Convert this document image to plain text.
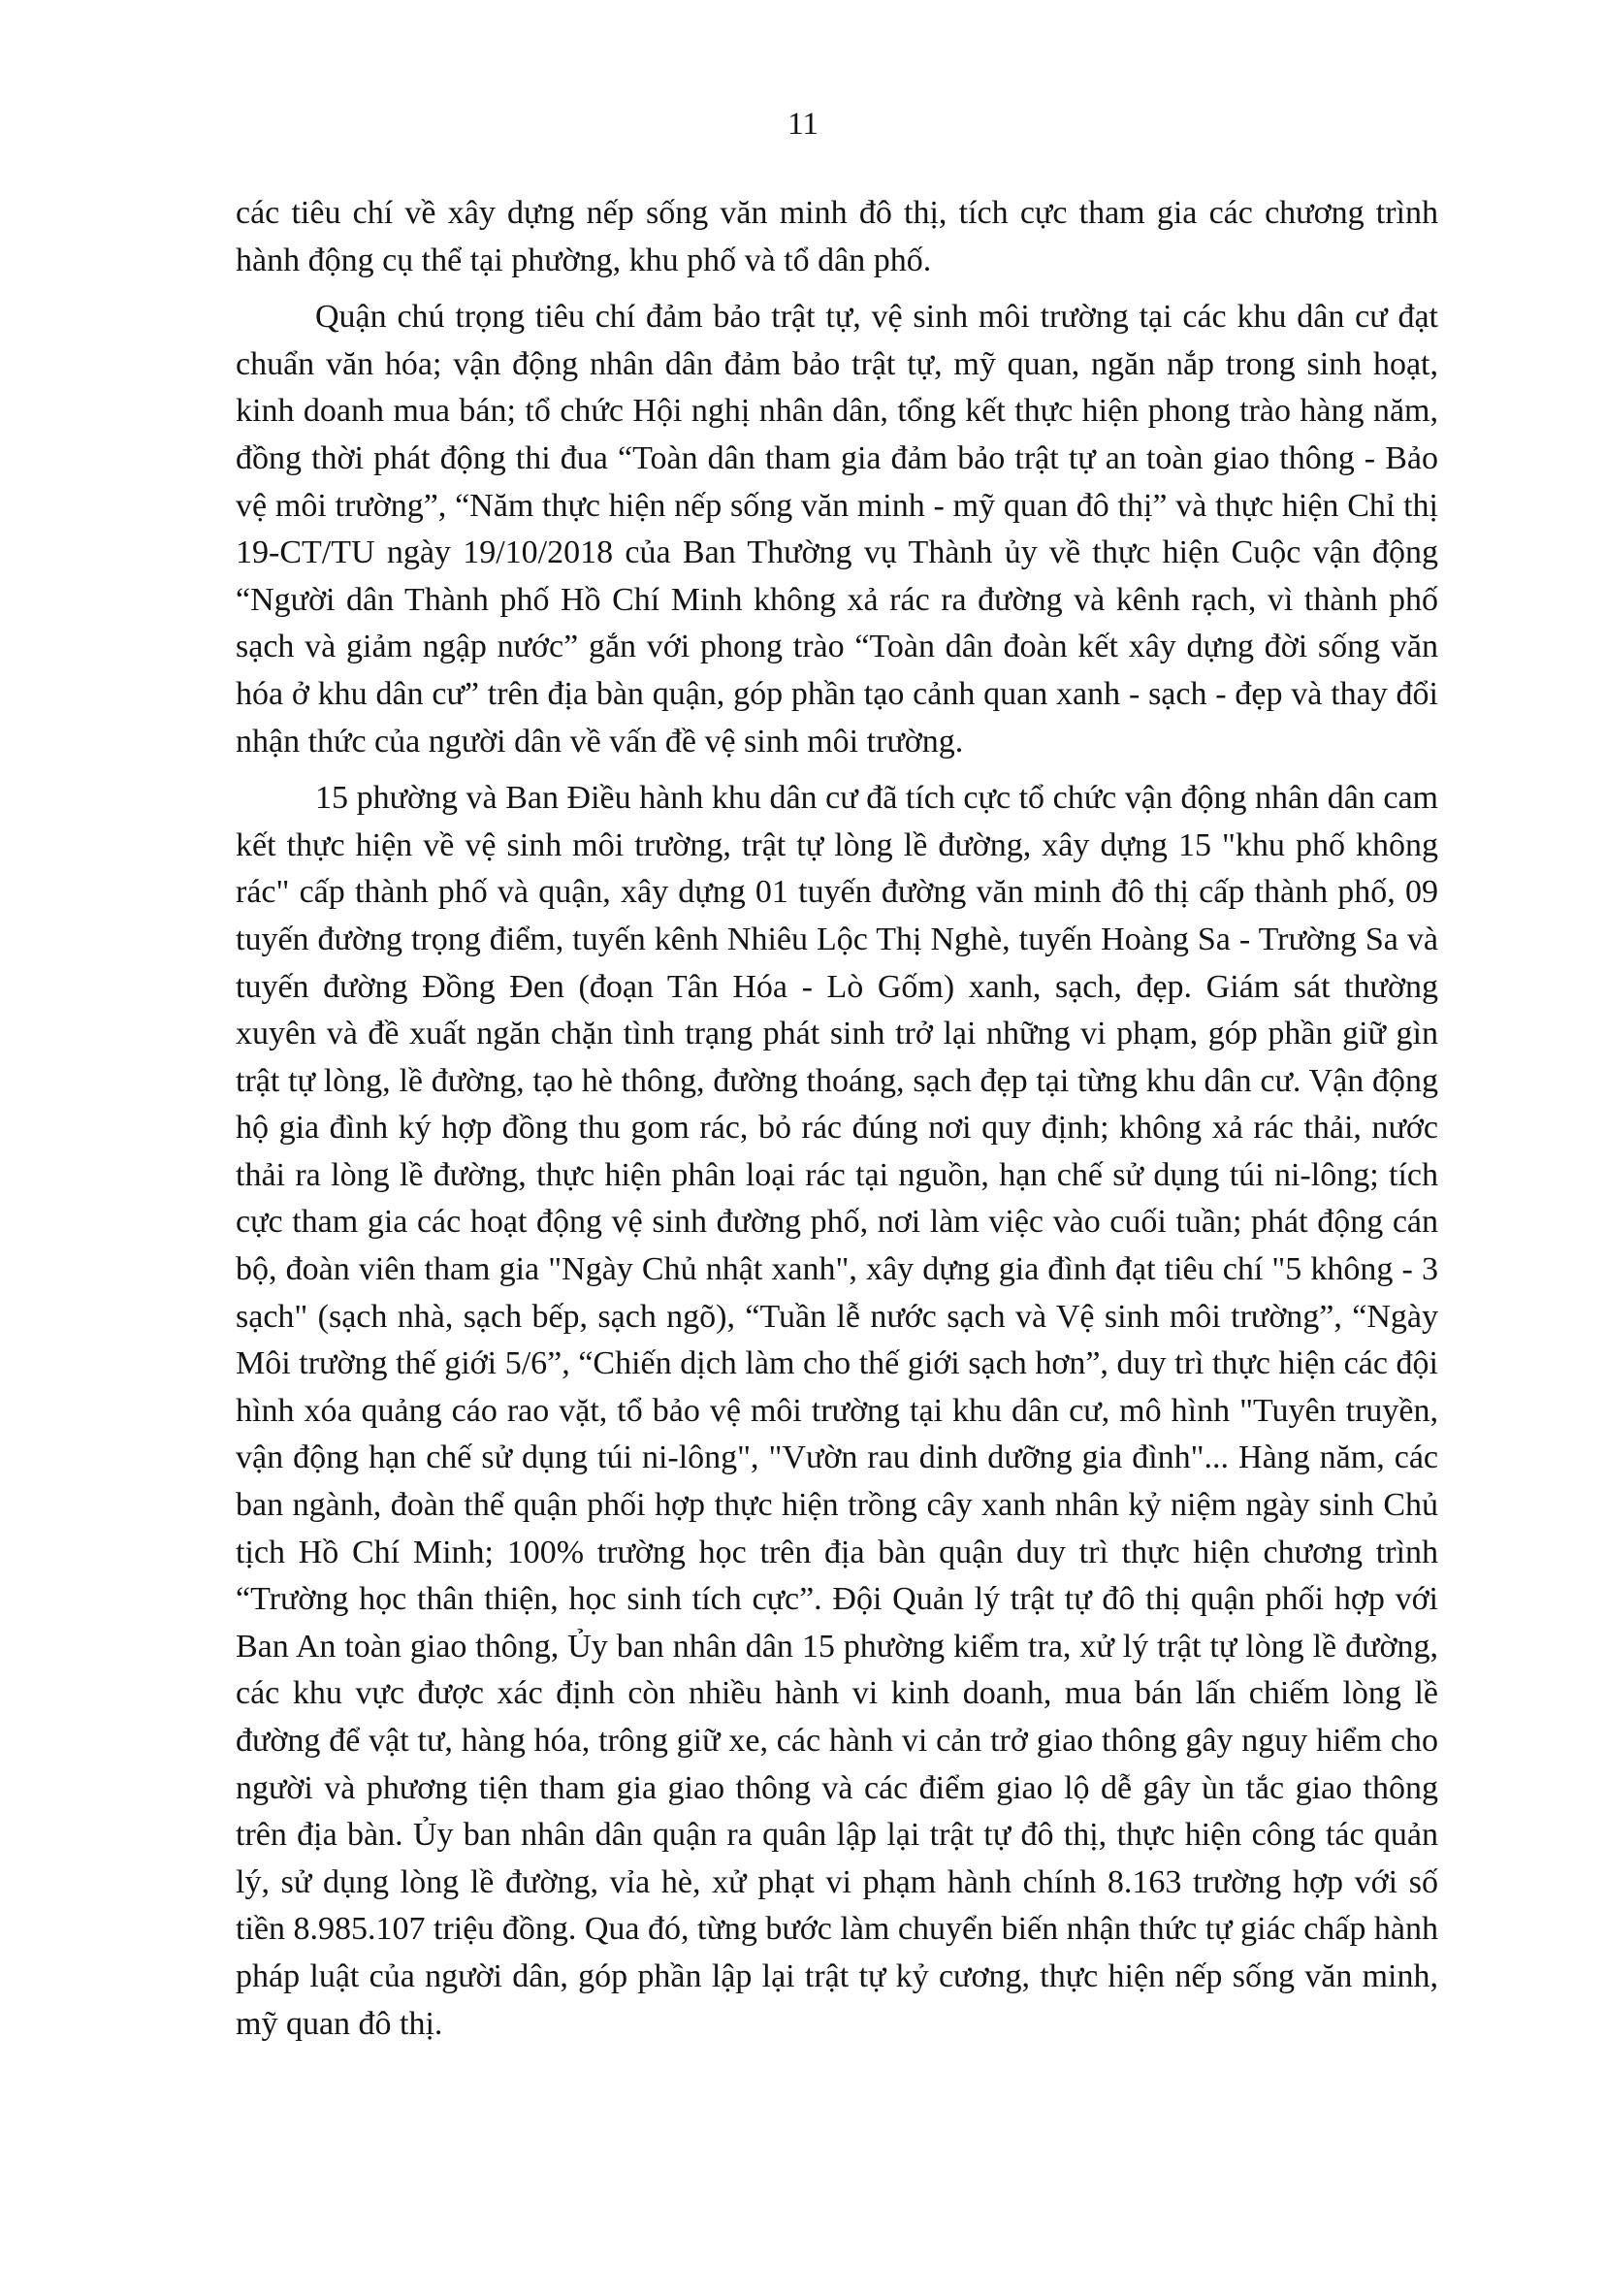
11

các tiêu chí về xây dựng nếp sống văn minh đô thị, tích cực tham gia các chương trình hành động cụ thể tại phường, khu phố và tổ dân phố.

Quận chú trọng tiêu chí đảm bảo trật tự, vệ sinh môi trường tại các khu dân cư đạt chuẩn văn hóa; vận động nhân dân đảm bảo trật tự, mỹ quan, ngăn nắp trong sinh hoạt, kinh doanh mua bán; tổ chức Hội nghị nhân dân, tổng kết thực hiện phong trào hàng năm, đồng thời phát động thi đua “Toàn dân tham gia đảm bảo trật tự an toàn giao thông - Bảo vệ môi trường”, “Năm thực hiện nếp sống văn minh - mỹ quan đô thị” và thực hiện Chỉ thị 19-CT/TU ngày 19/10/2018 của Ban Thường vụ Thành ủy về thực hiện Cuộc vận động “Người dân Thành phố Hồ Chí Minh không xả rác ra đường và kênh rạch, vì thành phố sạch và giảm ngập nước” gắn với phong trào “Toàn dân đoàn kết xây dựng đời sống văn hóa ở khu dân cư” trên địa bàn quận, góp phần tạo cảnh quan xanh - sạch - đẹp và thay đổi nhận thức của người dân về vấn đề vệ sinh môi trường.

15 phường và Ban Điều hành khu dân cư đã tích cực tổ chức vận động nhân dân cam kết thực hiện về vệ sinh môi trường, trật tự lòng lề đường, xây dựng 15 "khu phố không rác" cấp thành phố và quận, xây dựng 01 tuyến đường văn minh đô thị cấp thành phố, 09 tuyến đường trọng điểm, tuyến kênh Nhiêu Lộc Thị Nghè, tuyến Hoàng Sa - Trường Sa và tuyến đường Đồng Đen (đoạn Tân Hóa - Lò Gốm) xanh, sạch, đẹp. Giám sát thường xuyên và đề xuất ngăn chặn tình trạng phát sinh trở lại những vi phạm, góp phần giữ gìn trật tự lòng, lề đường, tạo hè thông, đường thoáng, sạch đẹp tại từng khu dân cư. Vận động hộ gia đình ký hợp đồng thu gom rác, bỏ rác đúng nơi quy định; không xả rác thải, nước thải ra lòng lề đường, thực hiện phân loại rác tại nguồn, hạn chế sử dụng túi ni-lông; tích cực tham gia các hoạt động vệ sinh đường phố, nơi làm việc vào cuối tuần; phát động cán bộ, đoàn viên tham gia "Ngày Chủ nhật xanh", xây dựng gia đình đạt tiêu chí "5 không - 3 sạch" (sạch nhà, sạch bếp, sạch ngõ), “Tuần lễ nước sạch và Vệ sinh môi trường”, “Ngày Môi trường thế giới 5/6”, “Chiến dịch làm cho thế giới sạch hơn”, duy trì thực hiện các đội hình xóa quảng cáo rao vặt, tổ bảo vệ môi trường tại khu dân cư, mô hình "Tuyên truyền, vận động hạn chế sử dụng túi ni-lông", "Vườn rau dinh dưỡng gia đình"... Hàng năm, các ban ngành, đoàn thể quận phối hợp thực hiện trồng cây xanh nhân kỷ niệm ngày sinh Chủ tịch Hồ Chí Minh; 100% trường học trên địa bàn quận duy trì thực hiện chương trình “Trường học thân thiện, học sinh tích cực”. Đội Quản lý trật tự đô thị quận phối hợp với Ban An toàn giao thông, Ủy ban nhân dân 15 phường kiểm tra, xử lý trật tự lòng lề đường, các khu vực được xác định còn nhiều hành vi kinh doanh, mua bán lấn chiếm lòng lề đường để vật tư, hàng hóa, trông giữ xe, các hành vi cản trở giao thông gây nguy hiểm cho người và phương tiện tham gia giao thông và các điểm giao lộ dễ gây ùn tắc giao thông trên địa bàn. Ủy ban nhân dân quận ra quân lập lại trật tự đô thị, thực hiện công tác quản lý, sử dụng lòng lề đường, vỉa hè, xử phạt vi phạm hành chính 8.163 trường hợp với số tiền 8.985.107 triệu đồng. Qua đó, từng bước làm chuyển biến nhận thức tự giác chấp hành pháp luật của người dân, góp phần lập lại trật tự kỷ cương, thực hiện nếp sống văn minh, mỹ quan đô thị.
